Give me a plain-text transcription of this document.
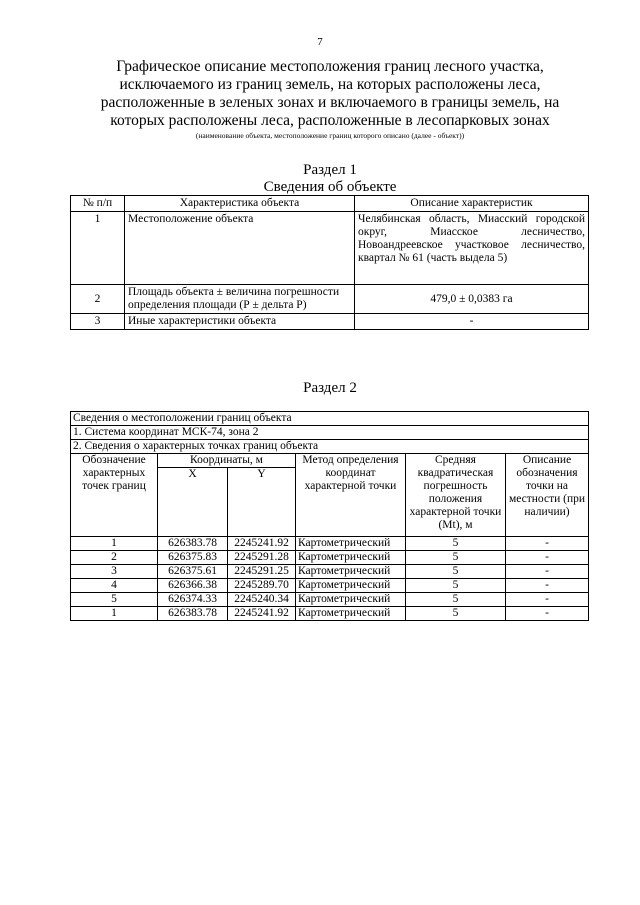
7
Графическое описание местоположения границ лесного участка,
исключаемого из границ земель, на которых расположены леса,
расположенные в зеленых зонах и включаемого в границы земель, на
которых расположены леса, расположенные в лесопарковых зонах
(наименование объекта, местоположение границ которого описано (далее - объект))
Раздел 1
Сведения об объекте
№ п/п	Характеристика объекта	Описание характеристик
1	Местоположение объекта	Челябинская область, Миасский городской округ, Миасское лесничество, Новоандреевское участковое лесничество, квартал № 61 (часть выдела 5)
2	Площадь объекта ± величина погрешности определения площади (Р ± дельта Р)	479,0 ± 0,0383 га
3	Иные характеристики объекта	-
Раздел 2
Сведения о местоположении границ объекта					
1. Система координат МСК-74, зона 2					
2. Сведения о характерных точках границ объекта					
Обозначение характерных точек границ	Координаты, м		Метод определения координат характерной точки	Средняя квадратическая погрешность положения характерной точки (Mt), м	Описание обозначения точки на местности (при наличии)
	X	Y			
1	626383.78	2245241.92	Картометрический	5	-
2	626375.83	2245291.28	Картометрический	5	-
3	626375.61	2245291.25	Картометрический	5	-
4	626366.38	2245289.70	Картометрический	5	-
5	626374.33	2245240.34	Картометрический	5	-
1	626383.78	2245241.92	Картометрический	5	-
